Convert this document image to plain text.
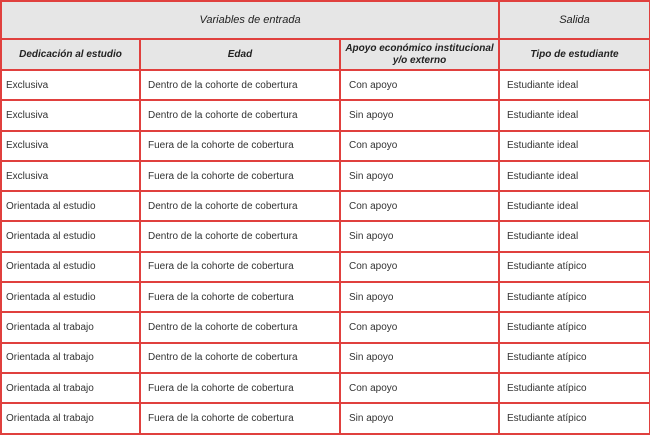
Variables de entrada			Salida
Dedicación al estudio	Edad	Apoyo económico institucional y/o externo	Tipo de estudiante
Exclusiva	Dentro de la cohorte de cobertura	Con apoyo	Estudiante ideal
Exclusiva	Dentro de la cohorte de cobertura	Sin apoyo	Estudiante ideal
Exclusiva	Fuera de la cohorte de cobertura	Con apoyo	Estudiante ideal
Exclusiva	Fuera de la cohorte de cobertura	Sin apoyo	Estudiante ideal
Orientada al estudio	Dentro de la cohorte de cobertura	Con apoyo	Estudiante ideal
Orientada al estudio	Dentro de la cohorte de cobertura	Sin apoyo	Estudiante ideal
Orientada al estudio	Fuera de la cohorte de cobertura	Con apoyo	Estudiante atípico
Orientada al estudio	Fuera de la cohorte de cobertura	Sin apoyo	Estudiante atípico
Orientada al trabajo	Dentro de la cohorte de cobertura	Con apoyo	Estudiante atípico
Orientada al trabajo	Dentro de la cohorte de cobertura	Sin apoyo	Estudiante atípico
Orientada al trabajo	Fuera de la cohorte de cobertura	Con apoyo	Estudiante atípico
Orientada al trabajo	Fuera de la cohorte de cobertura	Sin apoyo	Estudiante atípico
